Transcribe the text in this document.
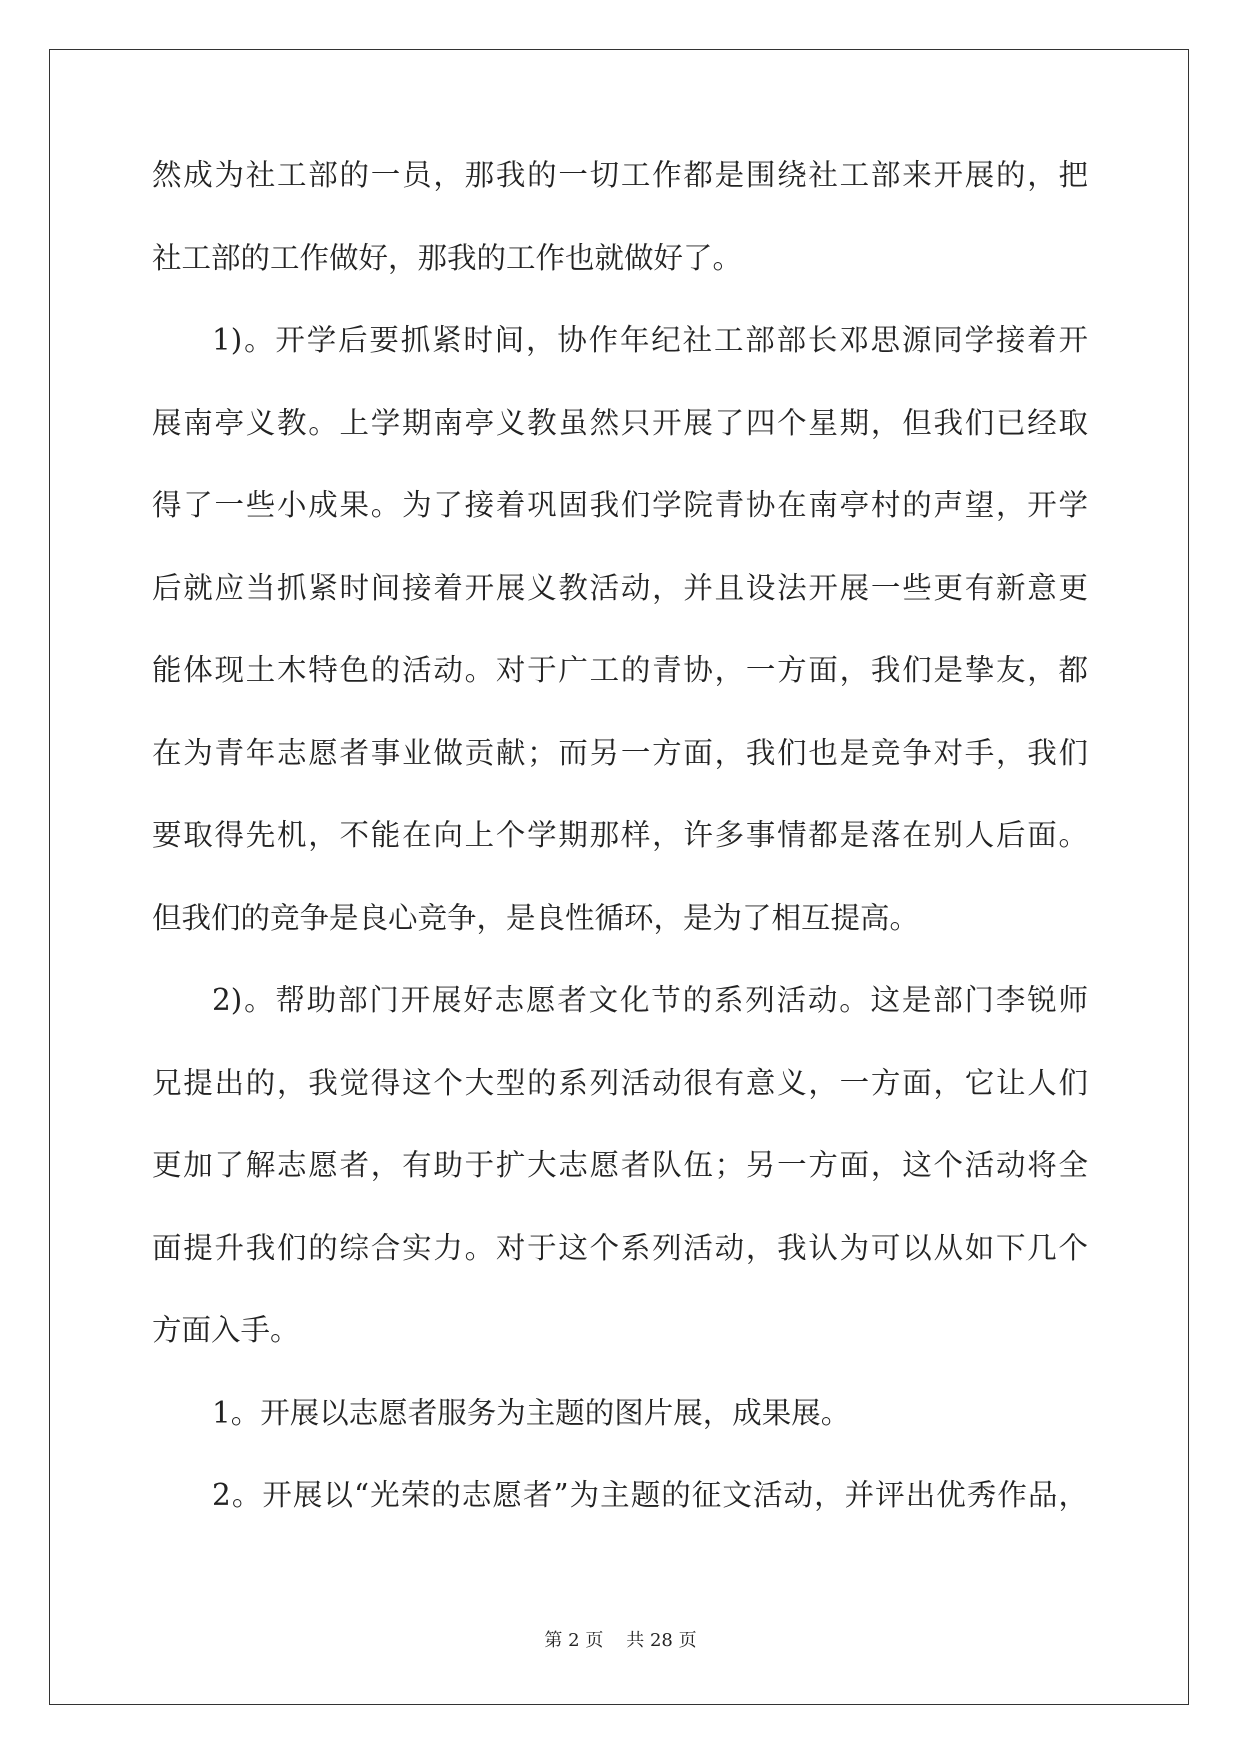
然成为社工部的一员，那我的一切工作都是围绕社工部来开展的，把
社工部的工作做好，那我的工作也就做好了。
1)。开学后要抓紧时间，协作年纪社工部部长邓思源同学接着开
展南亭义教。上学期南亭义教虽然只开展了四个星期，但我们已经取
得了一些小成果。为了接着巩固我们学院青协在南亭村的声望，开学
后就应当抓紧时间接着开展义教活动，并且设法开展一些更有新意更
能体现土木特色的活动。对于广工的青协，一方面，我们是挚友，都
在为青年志愿者事业做贡献；而另一方面，我们也是竞争对手，我们
要取得先机，不能在向上个学期那样，许多事情都是落在别人后面。
但我们的竞争是良心竞争，是良性循环，是为了相互提高。
2)。帮助部门开展好志愿者文化节的系列活动。这是部门李锐师
兄提出的，我觉得这个大型的系列活动很有意义，一方面，它让人们
更加了解志愿者，有助于扩大志愿者队伍；另一方面，这个活动将全
面提升我们的综合实力。对于这个系列活动，我认为可以从如下几个
方面入手。
1。开展以志愿者服务为主题的图片展，成果展。
2。开展以“光荣的志愿者”为主题的征文活动，并评出优秀作品，
第 2 页 共 28 页
